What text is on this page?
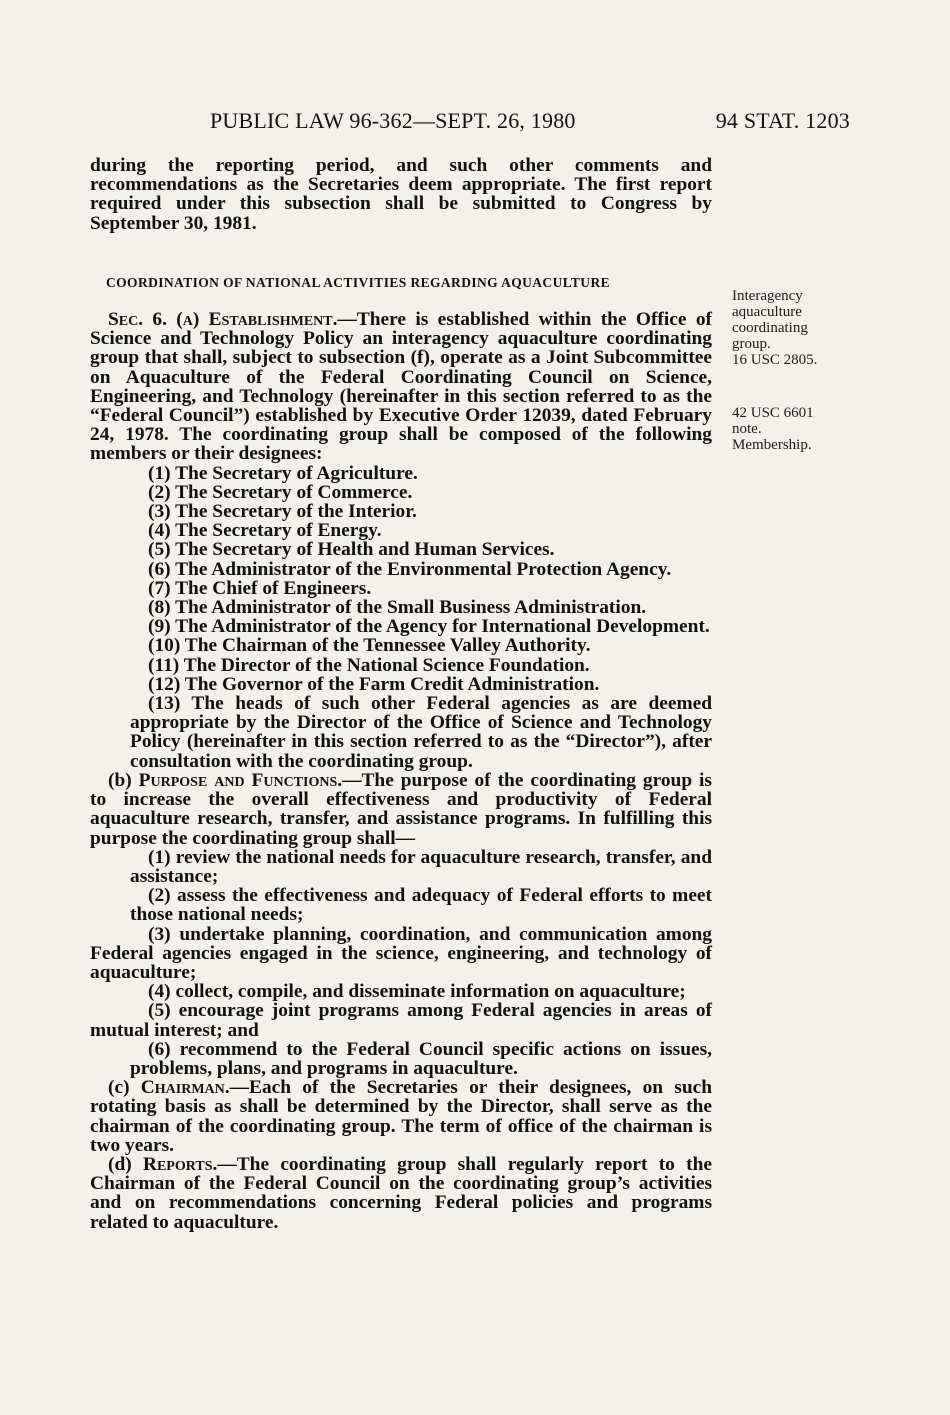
PUBLIC LAW 96-362—SEPT. 26, 1980	94 STAT. 1203

during the reporting period, and such other comments and recommendations as the Secretaries deem appropriate. The first report required under this subsection shall be submitted to Congress by September 30, 1981.

COORDINATION OF NATIONAL ACTIVITIES REGARDING AQUACULTURE

Sec. 6. (a) Establishment.—There is established within the Office of Science and Technology Policy an interagency aquaculture coordinating group that shall, subject to subsection (f), operate as a Joint Subcommittee on Aquaculture of the Federal Coordinating Council on Science, Engineering, and Technology (hereinafter in this section referred to as the “Federal Council”) established by Executive Order 12039, dated February 24, 1978. The coordinating group shall be composed of the following members or their designees:

(1) The Secretary of Agriculture.

(2) The Secretary of Commerce.

(3) The Secretary of the Interior.

(4) The Secretary of Energy.

(5) The Secretary of Health and Human Services.

(6) The Administrator of the Environmental Protection Agency.

(7) The Chief of Engineers.

(8) The Administrator of the Small Business Administration.

(9) The Administrator of the Agency for International Development.

(10) The Chairman of the Tennessee Valley Authority.

(11) The Director of the National Science Foundation.

(12) The Governor of the Farm Credit Administration.

(13) The heads of such other Federal agencies as are deemed appropriate by the Director of the Office of Science and Technology Policy (hereinafter in this section referred to as the “Director”), after consultation with the coordinating group.

(b) Purpose and Functions.—The purpose of the coordinating group is to increase the overall effectiveness and productivity of Federal aquaculture research, transfer, and assistance programs. In fulfilling this purpose the coordinating group shall—

(1) review the national needs for aquaculture research, transfer, and assistance;

(2) assess the effectiveness and adequacy of Federal efforts to meet those national needs;

(3) undertake planning, coordination, and communication among Federal agencies engaged in the science, engineering, and technology of aquaculture;

(4) collect, compile, and disseminate information on aquaculture;

(5) encourage joint programs among Federal agencies in areas of mutual interest; and

(6) recommend to the Federal Council specific actions on issues, problems, plans, and programs in aquaculture.

(c) Chairman.—Each of the Secretaries or their designees, on such rotating basis as shall be determined by the Director, shall serve as the chairman of the coordinating group. The term of office of the chairman is two years.

(d) Reports.—The coordinating group shall regularly report to the Chairman of the Federal Council on the coordinating group’s activities and on recommendations concerning Federal policies and programs related to aquaculture.

Interagency

aquaculture

coordinating

group.

16 USC 2805.

42 USC 6601

note.

Membership.
